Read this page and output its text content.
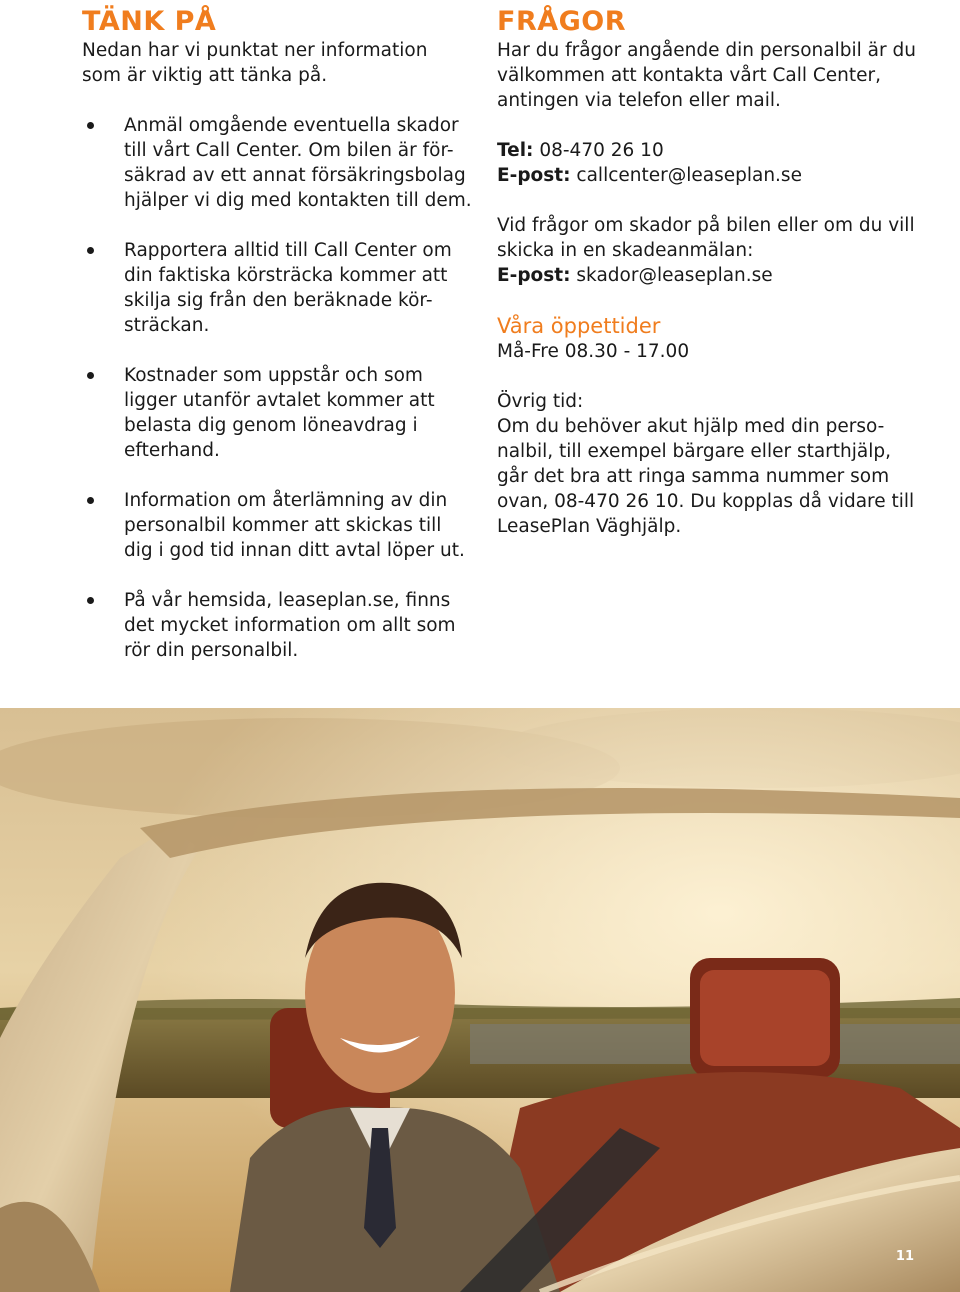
TÄNK PÅ

Nedan har vi punktat ner information som är viktig att tänka på.

Anmäl omgående eventuella skador till vårt Call Center. Om bilen är för- säkrad av ett annat försäkringsbolag hjälper vi dig med kontakten till dem.
Rapportera alltid till Call Center om din faktiska körsträcka kommer att skilja sig från den beräknade kör- sträckan.
Kostnader som uppstår och som ligger utanför avtalet kommer att belasta dig genom löneavdrag i efterhand.
Information om återlämning av din personalbil kommer att skickas till dig i god tid innan ditt avtal löper ut.
På vår hemsida, leaseplan.se, finns det mycket information om allt som rör din personalbil.
FRÅGOR

Har du frågor angående din personalbil är du välkommen att kontakta vårt Call Center, antingen via telefon eller mail.

Tel: 08-470 26 10

E-post: callcenter@leaseplan.se

Vid frågor om skador på bilen eller om du vill skicka in en skadeanmälan:

E-post: skador@leaseplan.se

Våra öppettider

Må-Fre 08.30 - 17.00

Övrig tid:

Om du behöver akut hjälp med din perso- nalbil, till exempel bärgare eller starthjälp, går det bra att ringa samma nummer som ovan, 08-470 26 10. Du kopplas då vidare till LeasePlan Väghjälp.

11
